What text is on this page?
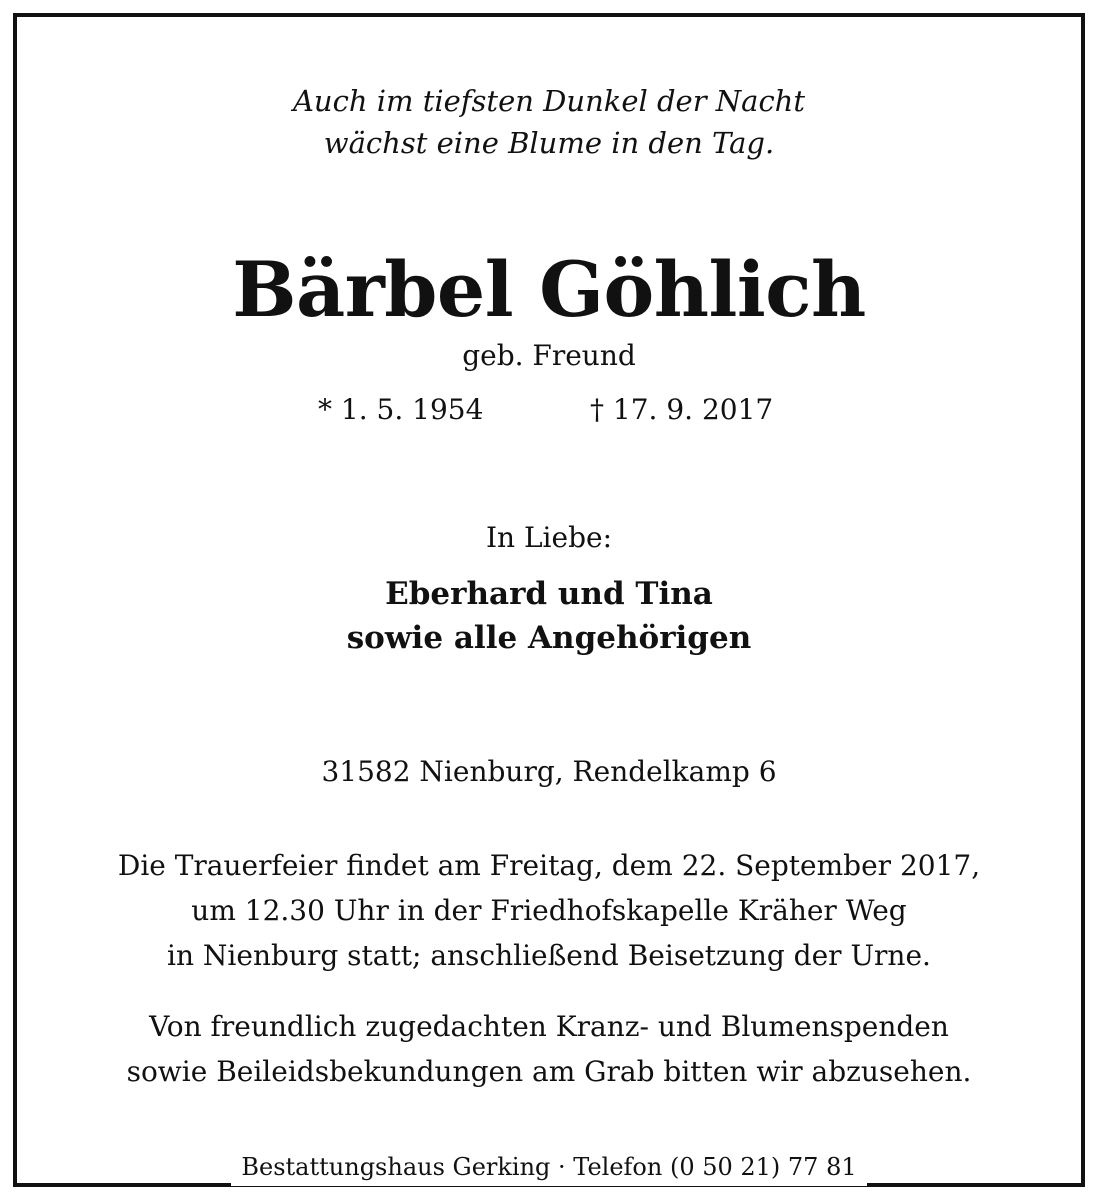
Auch im tiefsten Dunkel der Nacht
wächst eine Blume in den Tag.
Bärbel Göhlich
geb. Freund
* 1. 5. 1954	† 17. 9. 2017
In Liebe:
Eberhard und Tina
sowie alle Angehörigen
31582 Nienburg, Rendelkamp 6
Die Trauerfeier findet am Freitag, dem 22. September 2017,
um 12.30 Uhr in der Friedhofskapelle Kräher Weg
in Nienburg statt; anschließend Beisetzung der Urne.
Von freundlich zugedachten Kranz- und Blumenspenden
sowie Beileidsbekundungen am Grab bitten wir abzusehen.
Bestattungshaus Gerking · Telefon (0 50 21) 77 81
